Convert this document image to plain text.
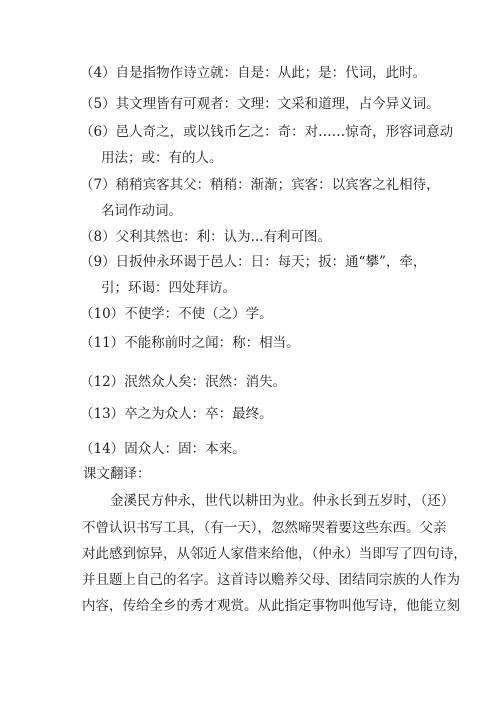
（4）自是指物作诗立就：自是：从此；是：代词，此时。
（5）其文理皆有可观者：文理：文采和道理，占今异义词。
（6）邑人奇之，或以钱币乞之：奇：对……惊奇，形容词意动
用法；或：有的人。
（7）稍稍宾客其父：稍稍：渐渐；宾客：以宾客之礼相待，
名词作动词。
（8）父利其然也：利：认为...有利可图。
（9）日扳仲永环谒于邑人：日：每天；扳：通“攀”，牵，
引；环谒：四处拜访。
（10）不使学：不使（之）学。
（11）不能称前时之闻：称：相当。
（12）泯然众人矣：泯然：消失。
（13）卒之为众人：卒：最终。
（14）固众人：固：本来。
课文翻译：
金溪民方仲永，世代以耕田为业。仲永长到五岁时，（还）
不曾认识书写工具，（有一天），忽然啼哭着要这些东西。父亲
对此感到惊异，从邻近人家借来给他，（仲永）当即写了四句诗，
并且题上自己的名字。这首诗以赡养父母、团结同宗族的人作为
内容，传给全乡的秀才观赏。从此指定事物叫他写诗，他能立刻
